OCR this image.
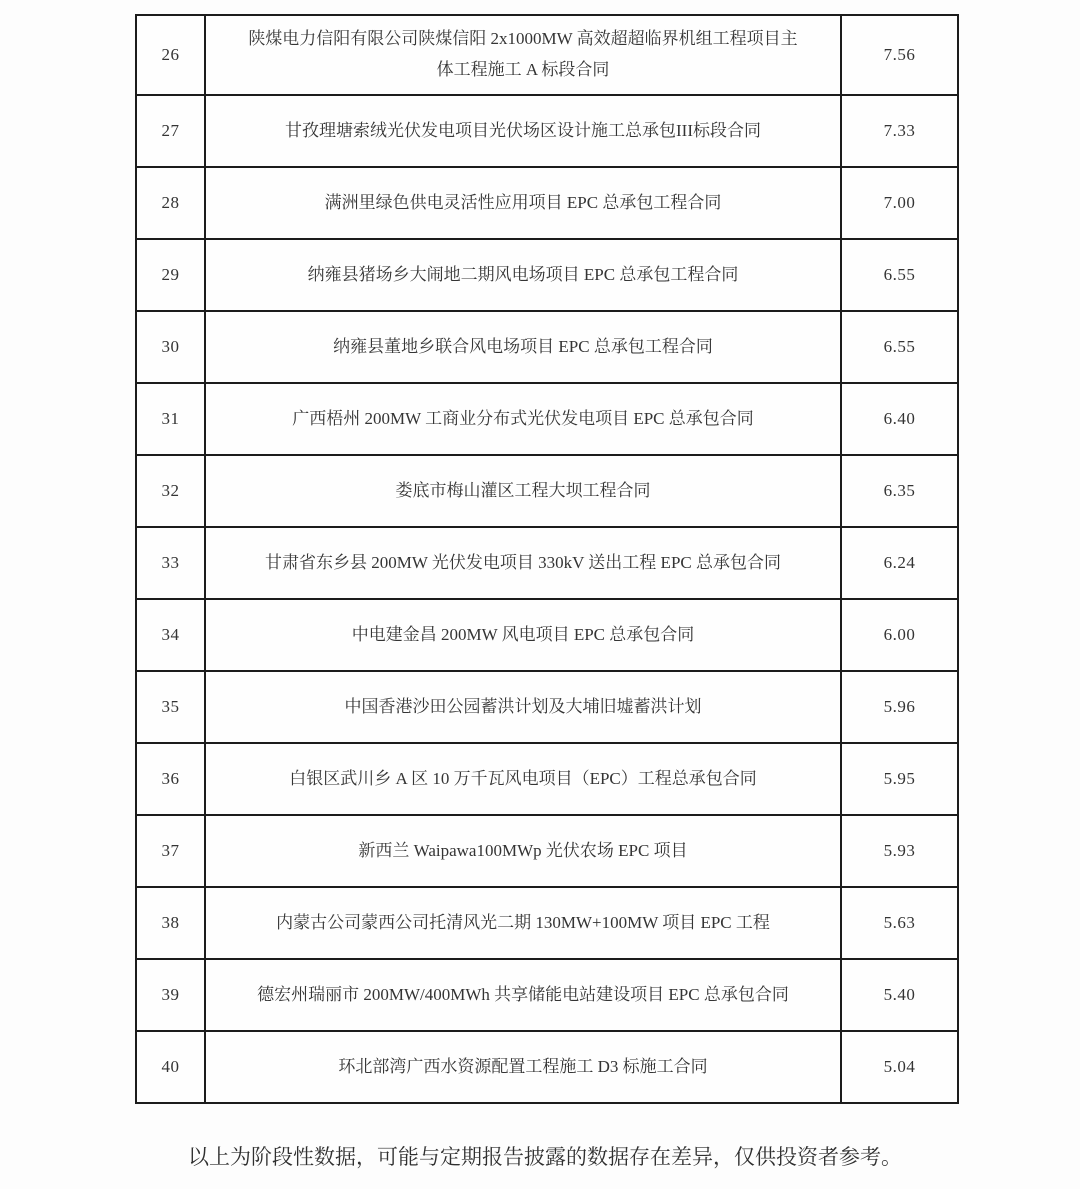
26	陕煤电力信阳有限公司陕煤信阳 2x1000MW 高效超超临界机组工程项目主体工程施工 A 标段合同	7.56
27	甘孜理塘索绒光伏发电项目光伏场区设计施工总承包III标段合同	7.33
28	满洲里绿色供电灵活性应用项目 EPC 总承包工程合同	7.00
29	纳雍县猪场乡大闹地二期风电场项目 EPC 总承包工程合同	6.55
30	纳雍县董地乡联合风电场项目 EPC 总承包工程合同	6.55
31	广西梧州 200MW 工商业分布式光伏发电项目 EPC 总承包合同	6.40
32	娄底市梅山灌区工程大坝工程合同	6.35
33	甘肃省东乡县 200MW 光伏发电项目 330kV 送出工程 EPC 总承包合同	6.24
34	中电建金昌 200MW 风电项目 EPC 总承包合同	6.00
35	中国香港沙田公园蓄洪计划及大埔旧墟蓄洪计划	5.96
36	白银区武川乡 A 区 10 万千瓦风电项目（EPC）工程总承包合同	5.95
37	新西兰 Waipawa100MWp 光伏农场 EPC 项目	5.93
38	内蒙古公司蒙西公司托清风光二期 130MW+100MW 项目 EPC 工程	5.63
39	德宏州瑞丽市 200MW/400MWh 共享储能电站建设项目 EPC 总承包合同	5.40
40	环北部湾广西水资源配置工程施工 D3 标施工合同	5.04

以上为阶段性数据，可能与定期报告披露的数据存在差异，仅供投资者参考。
